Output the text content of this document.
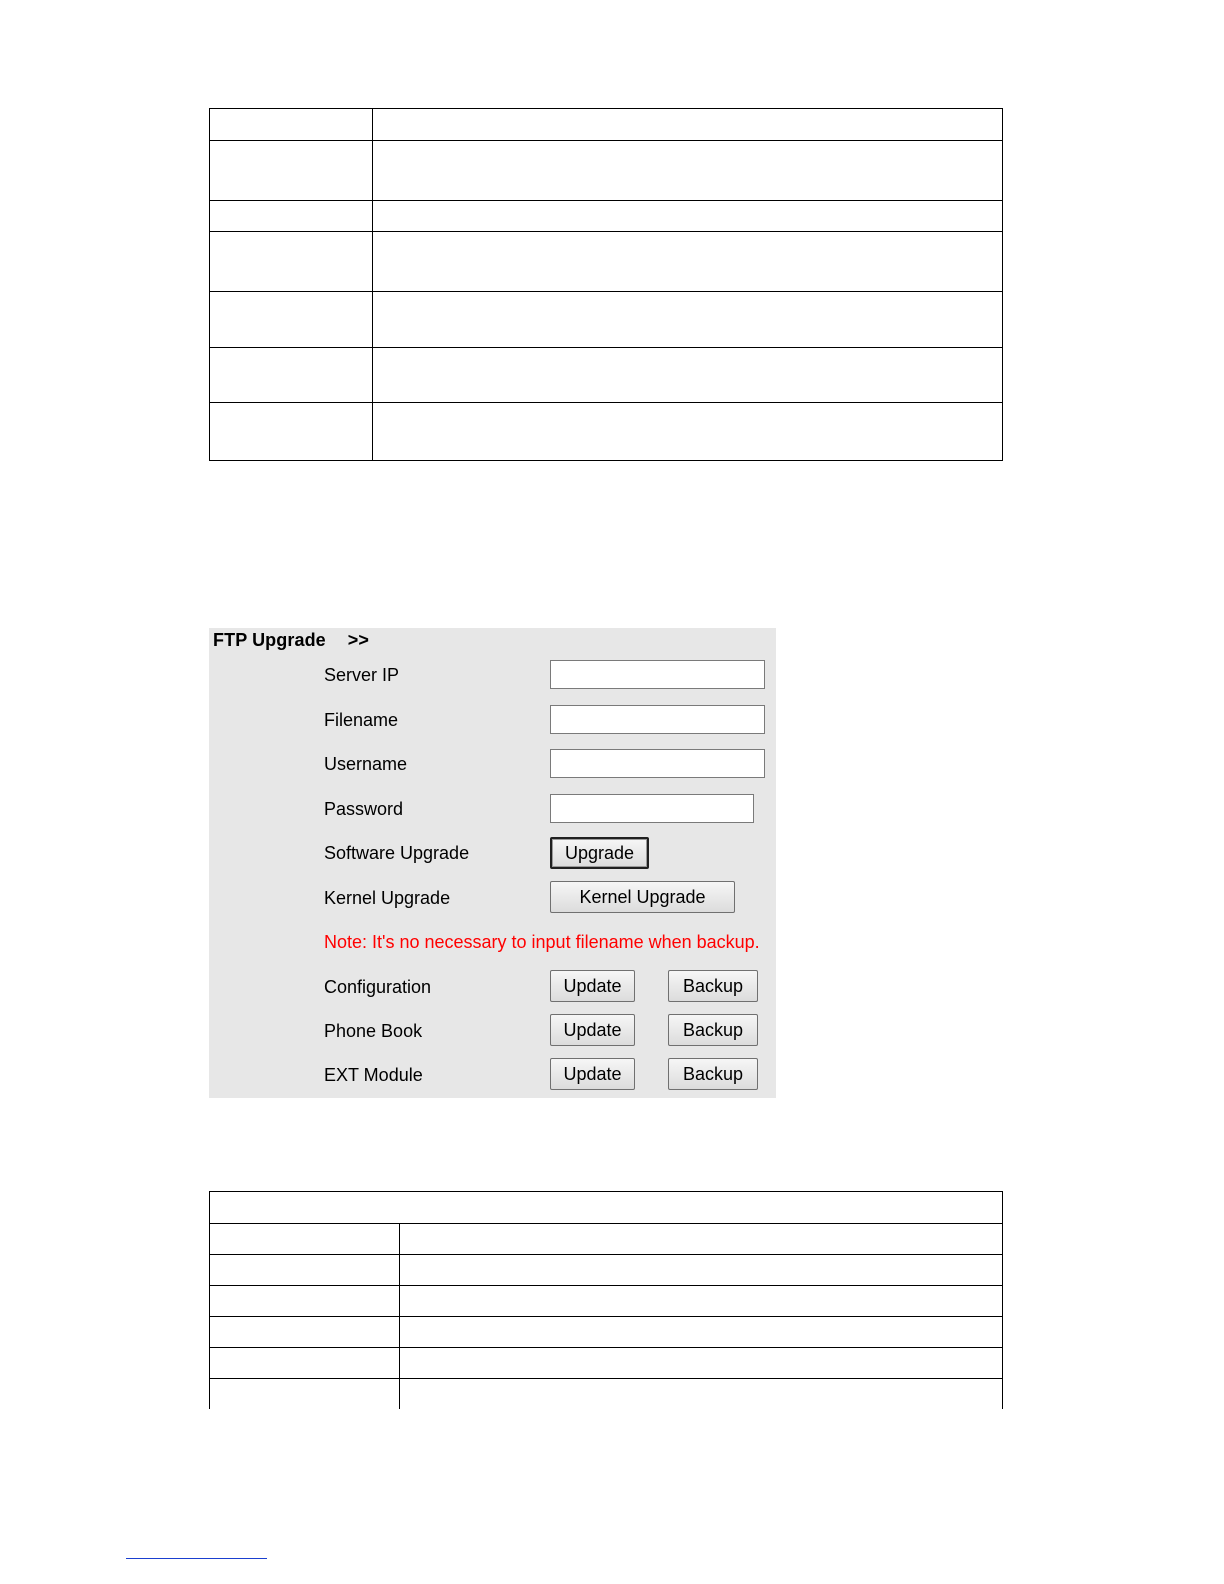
FTP Upgrade >>
Server IP
Filename
Username
Password
Software Upgrade	Upgrade
Kernel Upgrade	Kernel Upgrade
Note: It's no necessary to input filename when backup.
Configuration	Update	Backup
Phone Book	Update	Backup
EXT Module	Update	Backup
